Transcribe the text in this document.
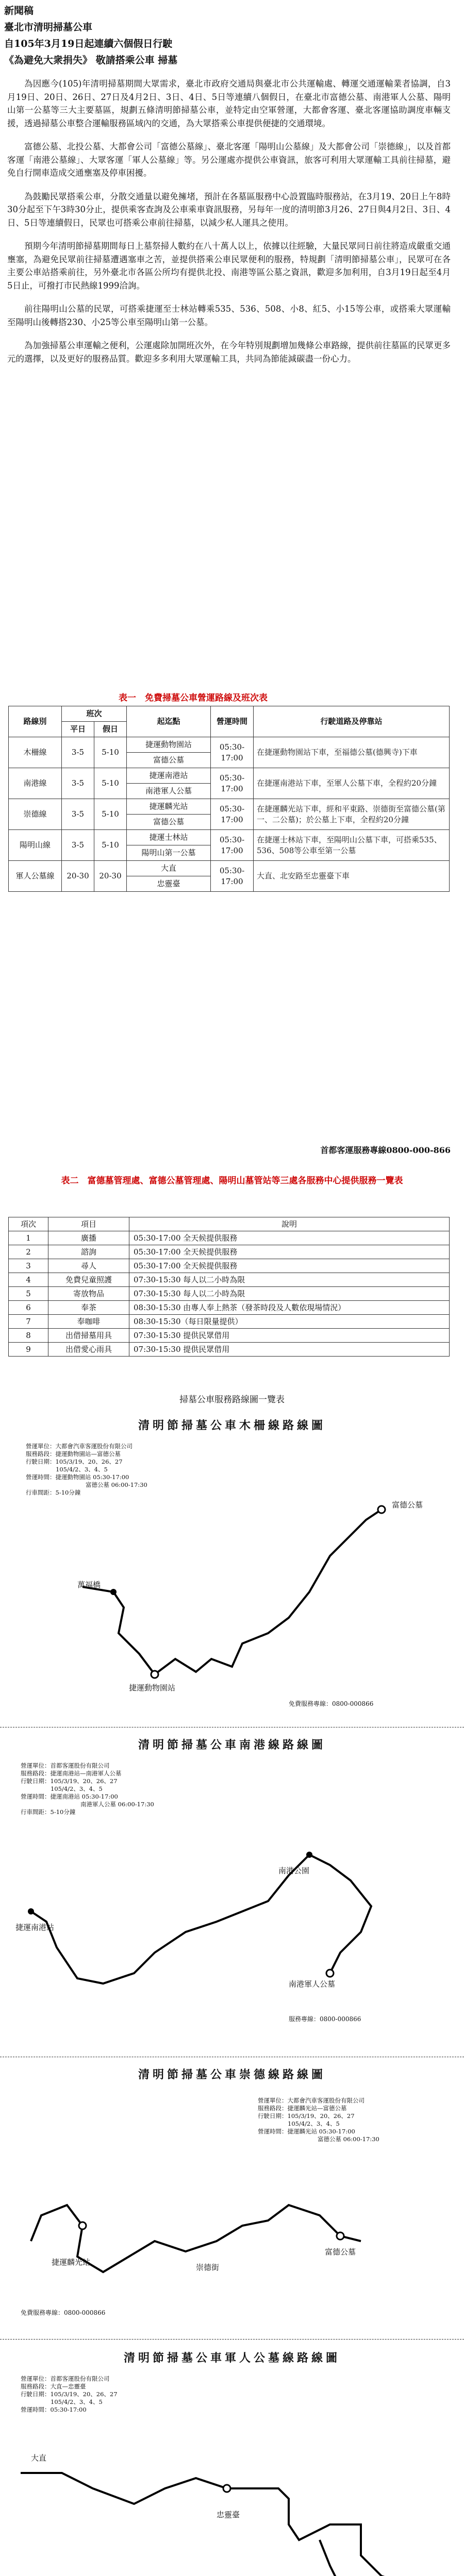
新聞稿
臺北市清明掃墓公車
自105年3月19日起連續六個假日行駛
《為避免大衆捐失》 敬請搭乘公車 掃墓

為因應今(105)年清明掃墓期間大眾需求，臺北市政府交通局與臺北市公共運輸處、轉運交通運輸業者協調，自3月19日、20日、26日、27日及4月2日、3日、4日、5日等連續八個假日，在臺北市富德公墓、南港軍人公墓、陽明山第一公墓等三大主要墓區，規劃五條清明節掃墓公車，並特定由空軍營運，大都會客運、臺北客運協助調度車輛支援，透過掃墓公車整合運輸服務區域內的交通，為大眾搭乘公車提供便捷的交通環境。

富德公墓、北投公墓、大都會公司「富德公墓線」、臺北客運「陽明山公墓線」及大都會公司「崇德線」，以及首都客運「南港公墓線」、大眾客運「軍人公墓線」等。另公運處亦提供公車資訊，旅客可利用大眾運輸工具前往掃墓，避免自行開車造成交通壅塞及停車困擾。

為鼓勵民眾搭乘公車，分散交通量以避免擁堵，預計在各墓區服務中心設置臨時服務站，在3月19、20日上午8時30分起至下午3時30分止，提供乘客查詢及公車乘車資訊服務，另每年一度的清明節3月26、27日與4月2日、3日、4日、5日等連續假日，民眾也可搭乘公車前往掃墓，以減少私人運具之使用。

預期今年清明節掃墓期間每日上墓祭掃人數約在八十萬人以上，依據以往經驗，大量民眾同日前往將造成嚴重交通壅塞，為避免民眾前往掃墓遭遇塞車之苦，並提供搭乘公車民眾便利的服務，特規劃「清明節掃墓公車」，民眾可在各主要公車站搭乘前往，另外臺北市各區公所均有提供北投、南港等區公墓之資訊，歡迎多加利用，自3月19日起至4月5日止，可撥打市民熱線1999洽詢。

前往陽明山公墓的民眾，可搭乘捷運至士林站轉乘535、536、508、小8、紅5、小15等公車，或搭乘大眾運輸至陽明山後轉搭230、小25等公車至陽明山第一公墓。

為加強掃墓公車運輸之便利，公運處除加開班次外，在今年特別規劃增加幾條公車路線，提供前往墓區的民眾更多元的選擇，以及更好的服務品質。歡迎多多利用大眾運輸工具，共同為節能減碳盡一份心力。

表一　免費掃墓公車營運路線及班次表
路線別	班次		起迄點	營運時間	行駛道路及停靠站
	平日	假日			
木柵線	3-5	5-10	捷運動物園站	05:30-17:00	在捷運動物園站下車，至福德公墓(德興寺)下車
			富德公墓		
南港線	3-5	5-10	捷運南港站	05:30-17:00	在捷運南港站下車，至軍人公墓下車，全程約20分鐘
			南港軍人公墓		
崇德線	3-5	5-10	捷運麟光站	05:30-17:00	在捷運麟光站下車，經和平東路、崇德街至富德公墓(第一、二公墓)；於公墓上下車，全程約20分鐘
			富德公墓		
陽明山線	3-5	5-10	捷運士林站	05:30-17:00	在捷運士林站下車，至陽明山公墓下車，可搭乘535、536、508等公車至第一公墓
			陽明山第一公墓		
軍人公墓線	20-30	20-30	大直	05:30-17:00	大直、北安路至忠靈臺下車
			忠靈臺		
首都客運服務專線0800-000-866
表二　富德墓管理處、富德公墓管理處、陽明山墓管站等三處各服務中心提供服務一覽表
項次	項目	說明
1	廣播	05:30-17:00 全天候提供服務
2	諮詢	05:30-17:00 全天候提供服務
3	尋人	05:30-17:00 全天候提供服務
4	免費兒童照護	07:30-15:30 每人以二小時為限
5	寄放物品	07:30-15:30 每人以二小時為限
6	奉茶	08:30-15:30 由專人奉上熱茶（發茶時段及人數依現場情況）
7	奉咖啡	08:30-15:30（每日限量提供）
8	出借掃墓用具	07:30-15:30 提供民眾借用
9	出借愛心雨具	07:30-15:30 提供民眾借用
掃墓公車服務路線圖一覽表
清明節掃墓公車木柵線路線圖
營運單位：大都會汽車客運股份有限公司
服務路段：捷運動物園站—富德公墓
行駛日期：105/3/19、20、26、27
105/4/2、3、4、5
營運時間：捷運動物園站 05:30-17:00
富德公墓 06:00-17:30
行車間距：5-10分鐘
富德公墓
萬福橋
捷運動物園站
免費服務專線：0800-000866
清明節掃墓公車南港線路線圖
營運單位：首都客運股份有限公司
服務路段：捷運南港站—南港軍人公墓
行駛日期：105/3/19、20、26、27
105/4/2、3、4、5
營運時間：捷運南港站 05:30-17:00
南港軍人公墓 06:00-17:30
行車間距：5-10分鐘
捷運南港站
南港公園
南港軍人公墓
服務專線：0800-000866
清明節掃墓公車崇德線路線圖
營運單位：大都會汽車客運股份有限公司
服務路段：捷運麟光站—富德公墓
行駛日期：105/3/19、20、26、27
105/4/2、3、4、5
營運時間：捷運麟光站 05:30-17:00
富德公墓 06:00-17:30
捷運麟光站
崇德街
富德公墓
免費服務專線：0800-000866
清明節掃墓公車軍人公墓線路線圖
營運單位：首都客運股份有限公司
服務路段：大直—忠靈臺
行駛日期：105/3/19、20、26、27
105/4/2、3、4、5
營運時間：05:30-17:00
大直
忠靈臺
